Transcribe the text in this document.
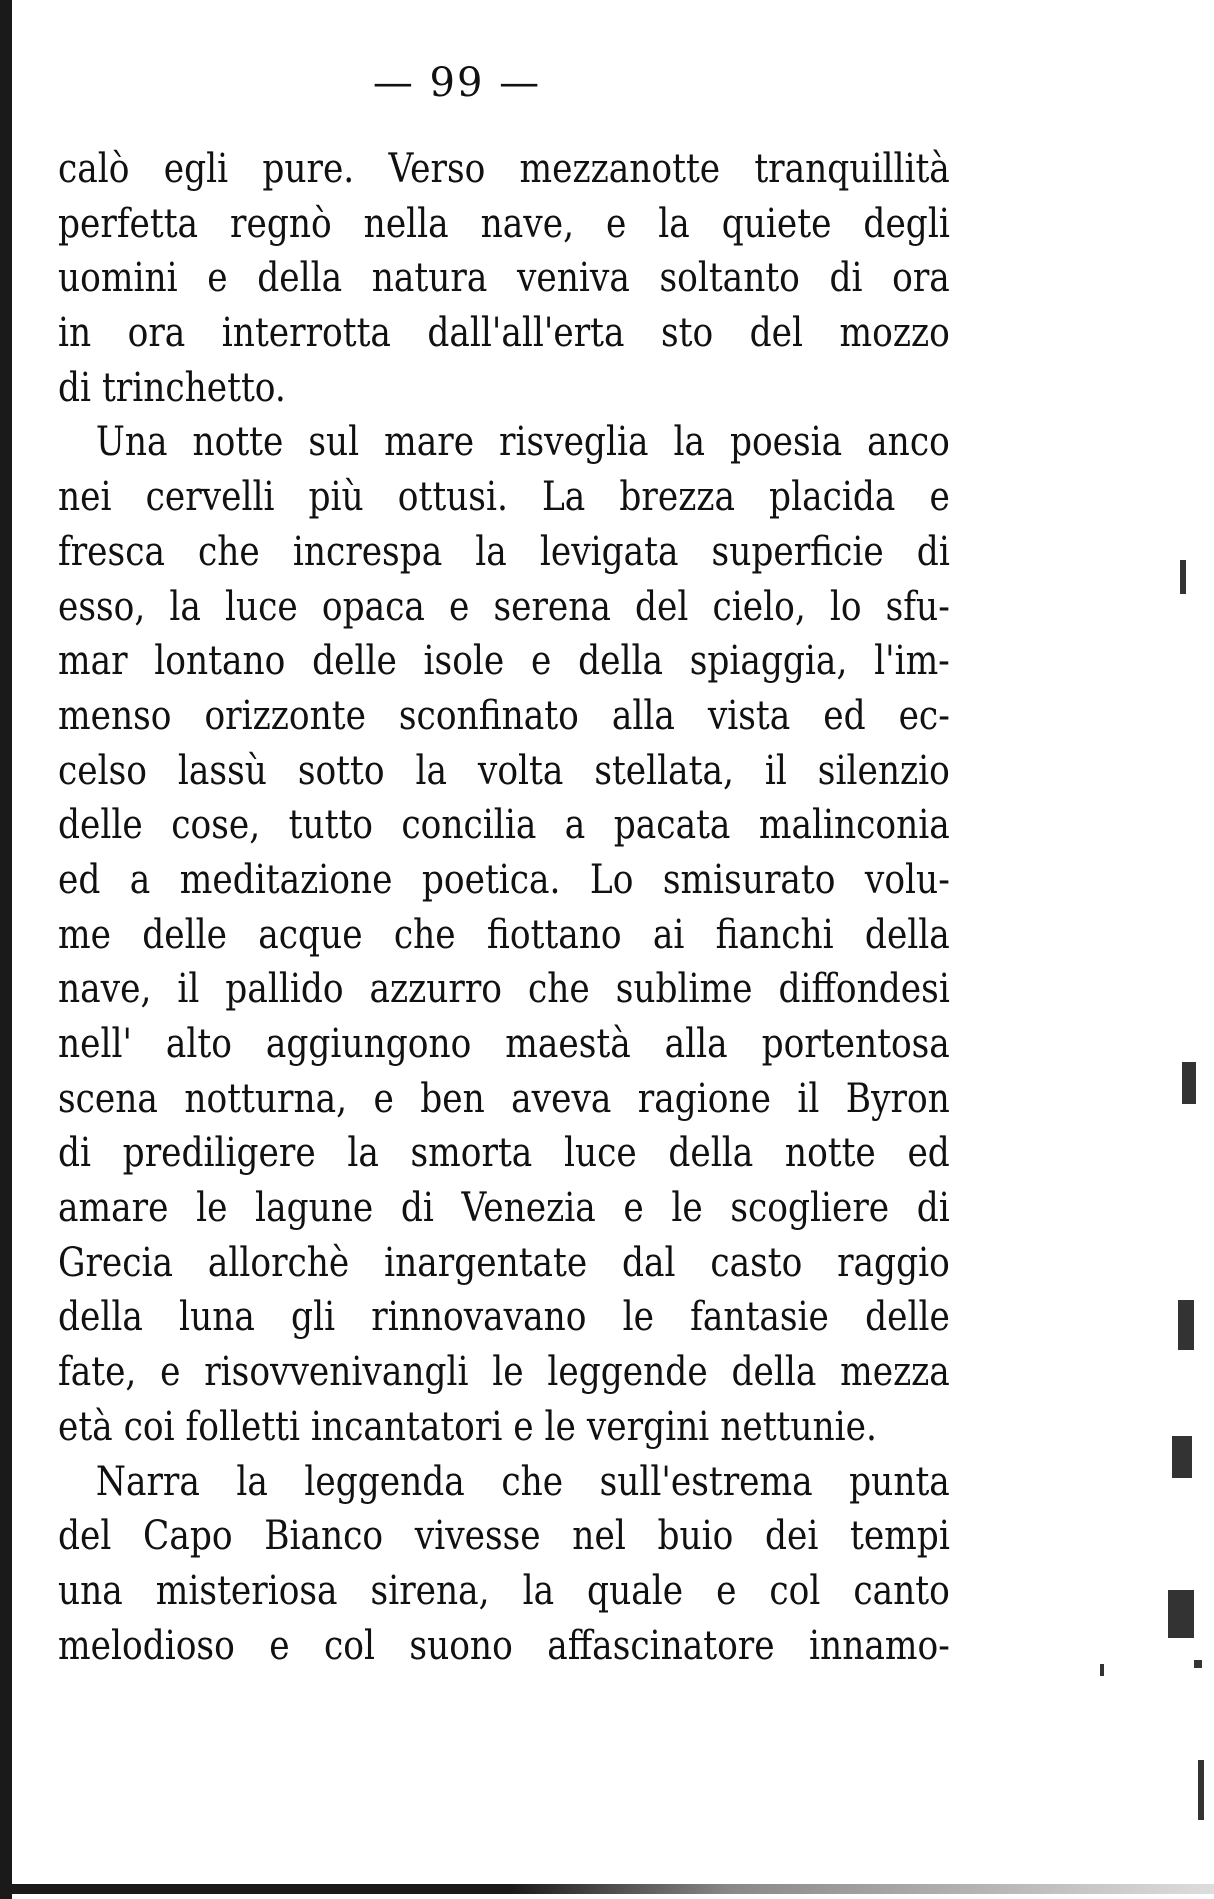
— 99 —
calò egli pure. Verso mezzanotte tranquillità
perfetta regnò nella nave, e la quiete degli
uomini e della natura veniva soltanto di ora
in ora interrotta dall'all'erta sto del mozzo
di trinchetto.
Una notte sul mare risveglia la poesia anco
nei cervelli più ottusi. La brezza placida e
fresca che increspa la levigata superficie di
esso, la luce opaca e serena del cielo, lo sfu-
mar lontano delle isole e della spiaggia, l'im-
menso orizzonte sconfinato alla vista ed ec-
celso lassù sotto la volta stellata, il silenzio
delle cose, tutto concilia a pacata malinconia
ed a meditazione poetica. Lo smisurato volu-
me delle acque che fiottano ai fianchi della
nave, il pallido azzurro che sublime diffondesi
nell' alto aggiungono maestà alla portentosa
scena notturna, e ben aveva ragione il Byron
di prediligere la smorta luce della notte ed
amare le lagune di Venezia e le scogliere di
Grecia allorchè inargentate dal casto raggio
della luna gli rinnovavano le fantasie delle
fate, e risovvenivangli le leggende della mezza
età coi folletti incantatori e le vergini nettunie.
Narra la leggenda che sull'estrema punta
del Capo Bianco vivesse nel buio dei tempi
una misteriosa sirena, la quale e col canto
melodioso e col suono affascinatore innamo-
